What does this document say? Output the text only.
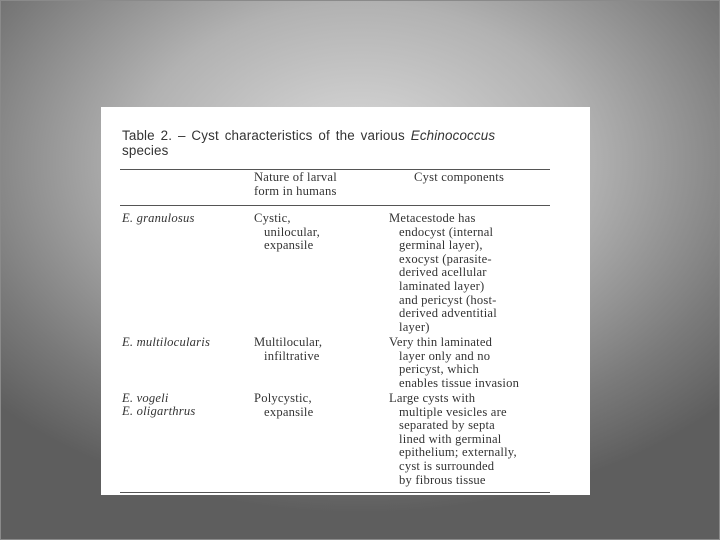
Table 2. – Cyst characteristics of the various Echinococcus
species
Nature of larval
form in humans
Cyst components
E. granulosus	Cystic,
unilocular,
expansile
Metacestode has
endocyst (internal
germinal layer),
exocyst (parasite-
derived acellular
laminated layer)
and pericyst (host-
derived adventitial
layer)
E. multilocularis	Multilocular,
infiltrative
Very thin laminated
layer only and no
pericyst, which
enables tissue invasion
E. vogeli
E. oligarthrus
Polycystic,
expansile
Large cysts with
multiple vesicles are
separated by septa
lined with germinal
epithelium; externally,
cyst is surrounded
by fibrous tissue
